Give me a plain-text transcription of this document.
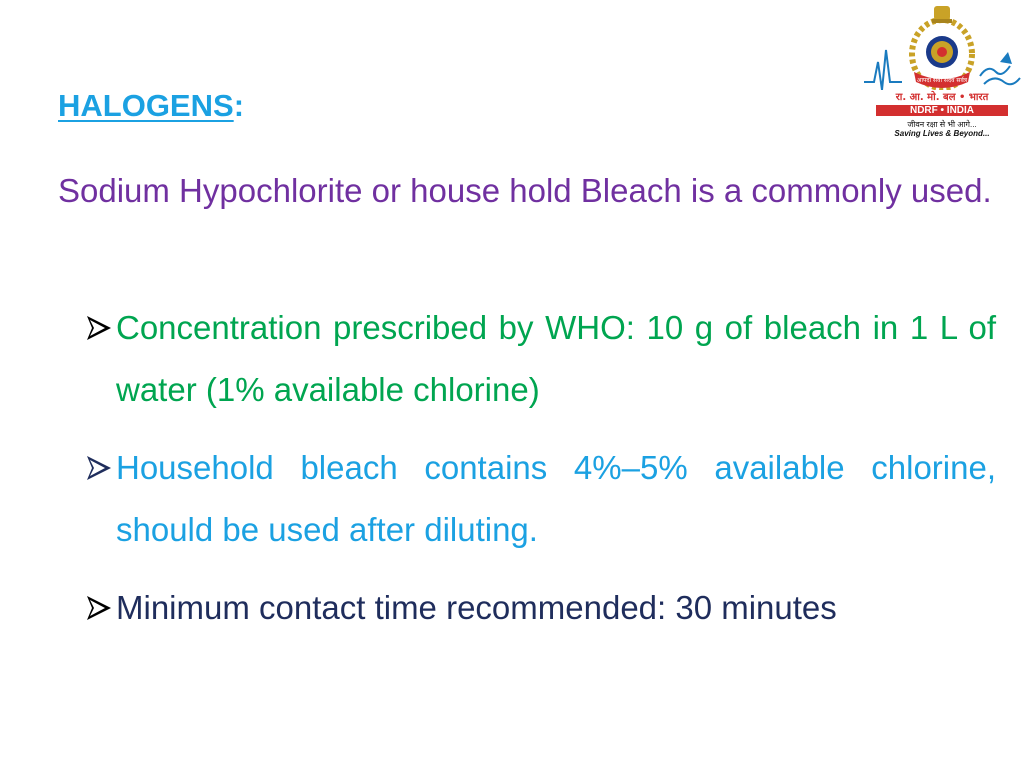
आपदा सेवा सदैव सर्वत्र
रा. आ. मो. बल • भारत
NDRF • INDIA
जीवन रक्षा से भी आगे...
Saving Lives & Beyond...
HALOGENS:

Sodium Hypochlorite or house hold Bleach is a commonly used.

Concentration prescribed by WHO: 10 g of bleach in 1 L of water (1% available chlorine)
Household bleach contains 4%–5% available chlorine, should be used after diluting.
Minimum contact time recommended: 30 minutes
